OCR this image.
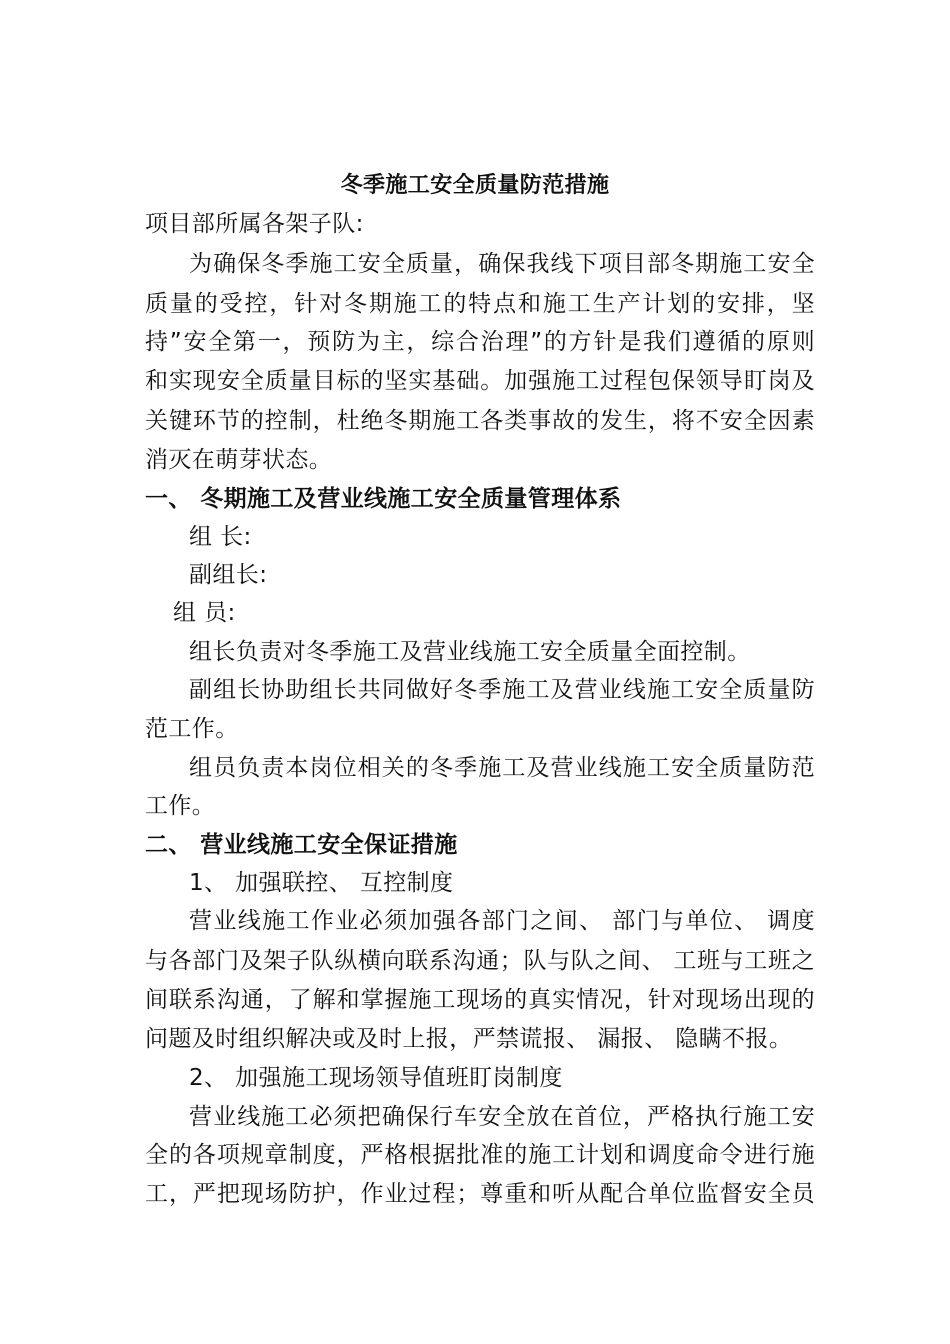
冬季施工安全质量防范措施
项目部所属各架子队:
为确保冬季施工安全质量，确保我线下项目部冬期施工安全
质量的受控，针对冬期施工的特点和施工生产计划的安排，坚
持”安全第一，预防为主，综合治理”的方针是我们遵循的原则
和实现安全质量目标的坚实基础。加强施工过程包保领导盯岗及
关键环节的控制，杜绝冬期施工各类事故的发生，将不安全因素
消灭在萌芽状态。
一、 冬期施工及营业线施工安全质量管理体系
组 长:
副组长:
组 员:
组长负责对冬季施工及营业线施工安全质量全面控制。
副组长协助组长共同做好冬季施工及营业线施工安全质量防
范工作。
组员负责本岗位相关的冬季施工及营业线施工安全质量防范
工作。
二、 营业线施工安全保证措施
1、 加强联控、 互控制度
营业线施工作业必须加强各部门之间、 部门与单位、 调度
与各部门及架子队纵横向联系沟通；队与队之间、 工班与工班之
间联系沟通，了解和掌握施工现场的真实情况，针对现场出现的
问题及时组织解决或及时上报，严禁谎报、 漏报、 隐瞒不报。
2、 加强施工现场领导值班盯岗制度
营业线施工必须把确保行车安全放在首位，严格执行施工安
全的各项规章制度，严格根据批准的施工计划和调度命令进行施
工，严把现场防护，作业过程；尊重和听从配合单位监督安全员
